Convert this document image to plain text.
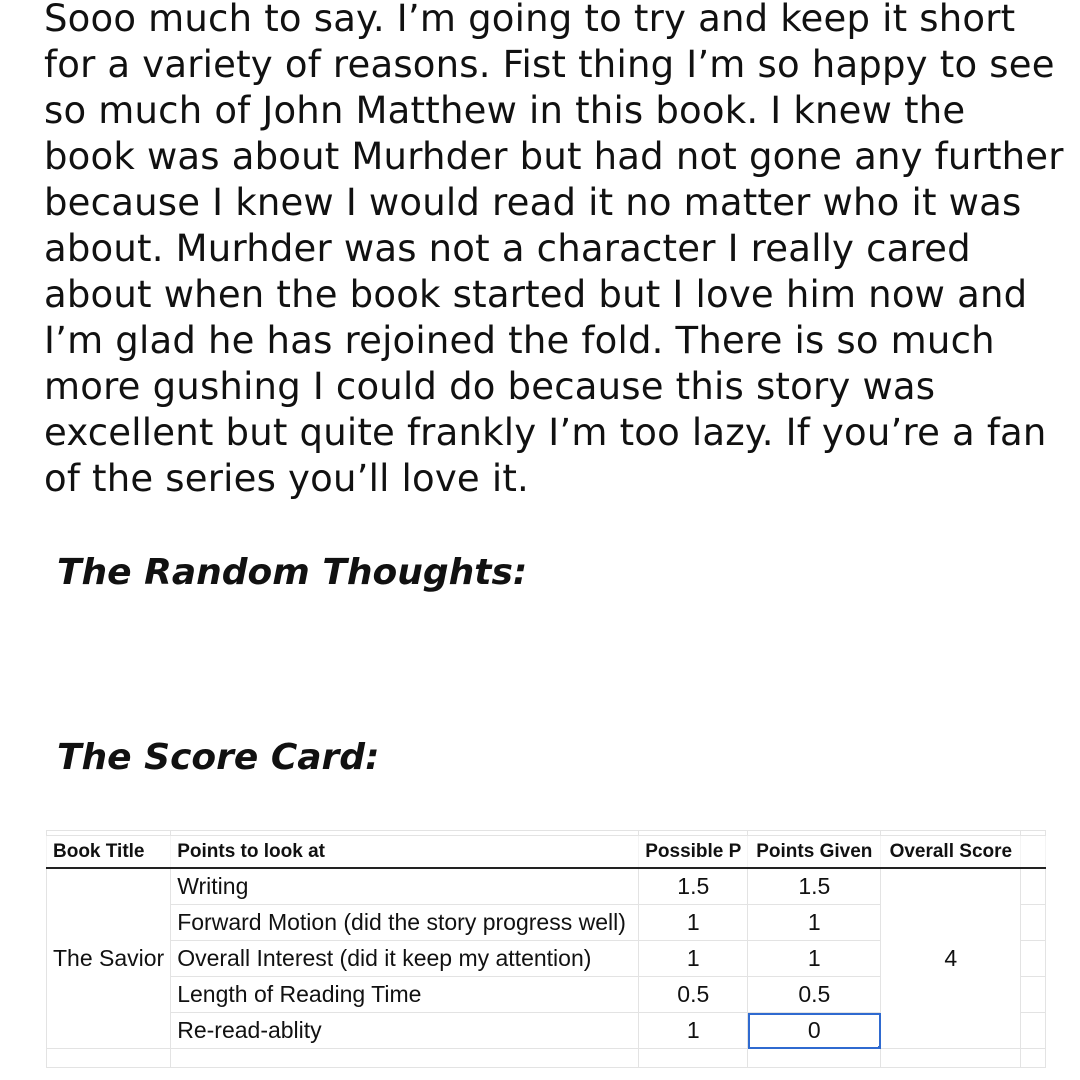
Sooo much to say. I’m going to try and keep it short for a variety of reasons. Fist thing I’m so happy to see so much of John Matthew in this book. I knew the book was about Murhder but had not gone any further because I knew I would read it no matter who it was about. Murhder was not a character I really cared about when the book started but I love him now and I’m glad he has rejoined the fold. There is so much more gushing I could do because this story was excellent but quite frankly I’m too lazy. If you’re a fan of the series you’ll love it.

The Random Thoughts:
The Score Card:

Book Title	Points to look at	Possible P	Points Given	Overall Score	
The Savior	Writing	1.5	1.5	4	
	Forward Motion (did the story progress well)	1	1		
	Overall Interest (did it keep my attention)	1	1		
	Length of Reading Time	0.5	0.5		
	Re-read-ablity	1	0	
